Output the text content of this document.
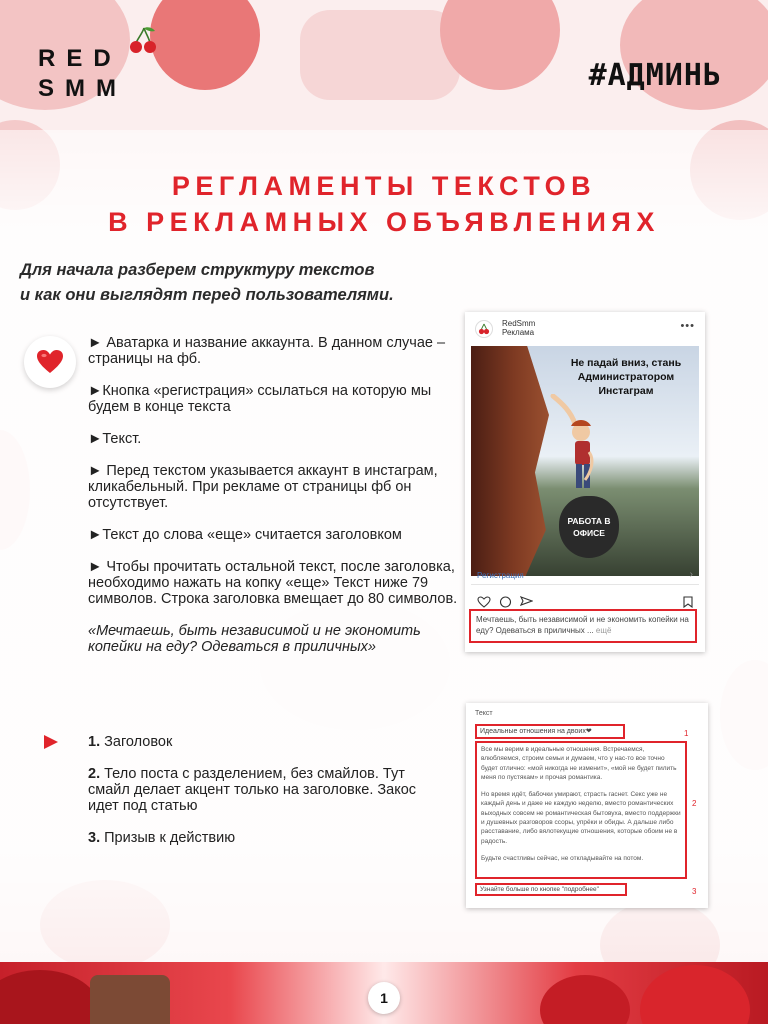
RED
SMM	#АДМИНЬ
РЕГЛАМЕНТЫ ТЕКСТОВ
В РЕКЛАМНЫХ ОБЪЯВЛЕНИЯХ
Для начала разберем структуру текстов
и как они выглядят перед пользователями.

► Аватарка и название аккаунта. В данном случае – страницы на фб.

►Кнопка «регистрация» ссылаться на которую мы будем в конце текста

►Текст.

► Перед текстом указывается аккаунт в инстаграм, кликабельный. При рекламе от страницы фб он отсутствует.

►Текст до слова «еще» считается заголовком

► Чтобы прочитать остальной текст, после заголовка, необходимо нажать на копку «еще» Текст ниже 79 символов. Строка заголовка вмещает до 80 символов.

«Мечтаешь, быть независимой и не экономить копейки на еду? Одеваться в приличных»

RedSmm
Реклама
•••
Не падай вниз, стань Администратором Инстаграм
РАБОТА В ОФИСЕ
Регистрация	›
Мечтаешь, быть независимой и не экономить копейки на еду? Одеваться в приличных ... ещё

1. Заголовок

2. Тело поста с разделением, без смайлов. Тут смайл делает акцент только на заголовке. Закос идет под статью

3. Призыв к действию

Текст
Идеальные отношения на двоих❤	1

Все мы верим в идеальные отношения. Встречаемся, влюбляемся, строим семьи и думаем, что у нас-то все точно будет отлично: «мой никогда не изменит», «мой не будет пилить меня по пустякам» и прочая романтика.

Но время идёт, бабочки умирают, страсть гаснет. Секс уже не каждый день и даже не каждую неделю, вместо романтических выходных совсем не романтическая бытовуха, вместо поддержки и душевных разговоров ссоры, упрёки и обиды. А дальше либо расставание, либо вялотекущие отношения, которые обоим не в радость.

Будьте счастливы сейчас, не откладывайте на потом.

2
Узнайте больше по кнопке "подробнее"	3
1
